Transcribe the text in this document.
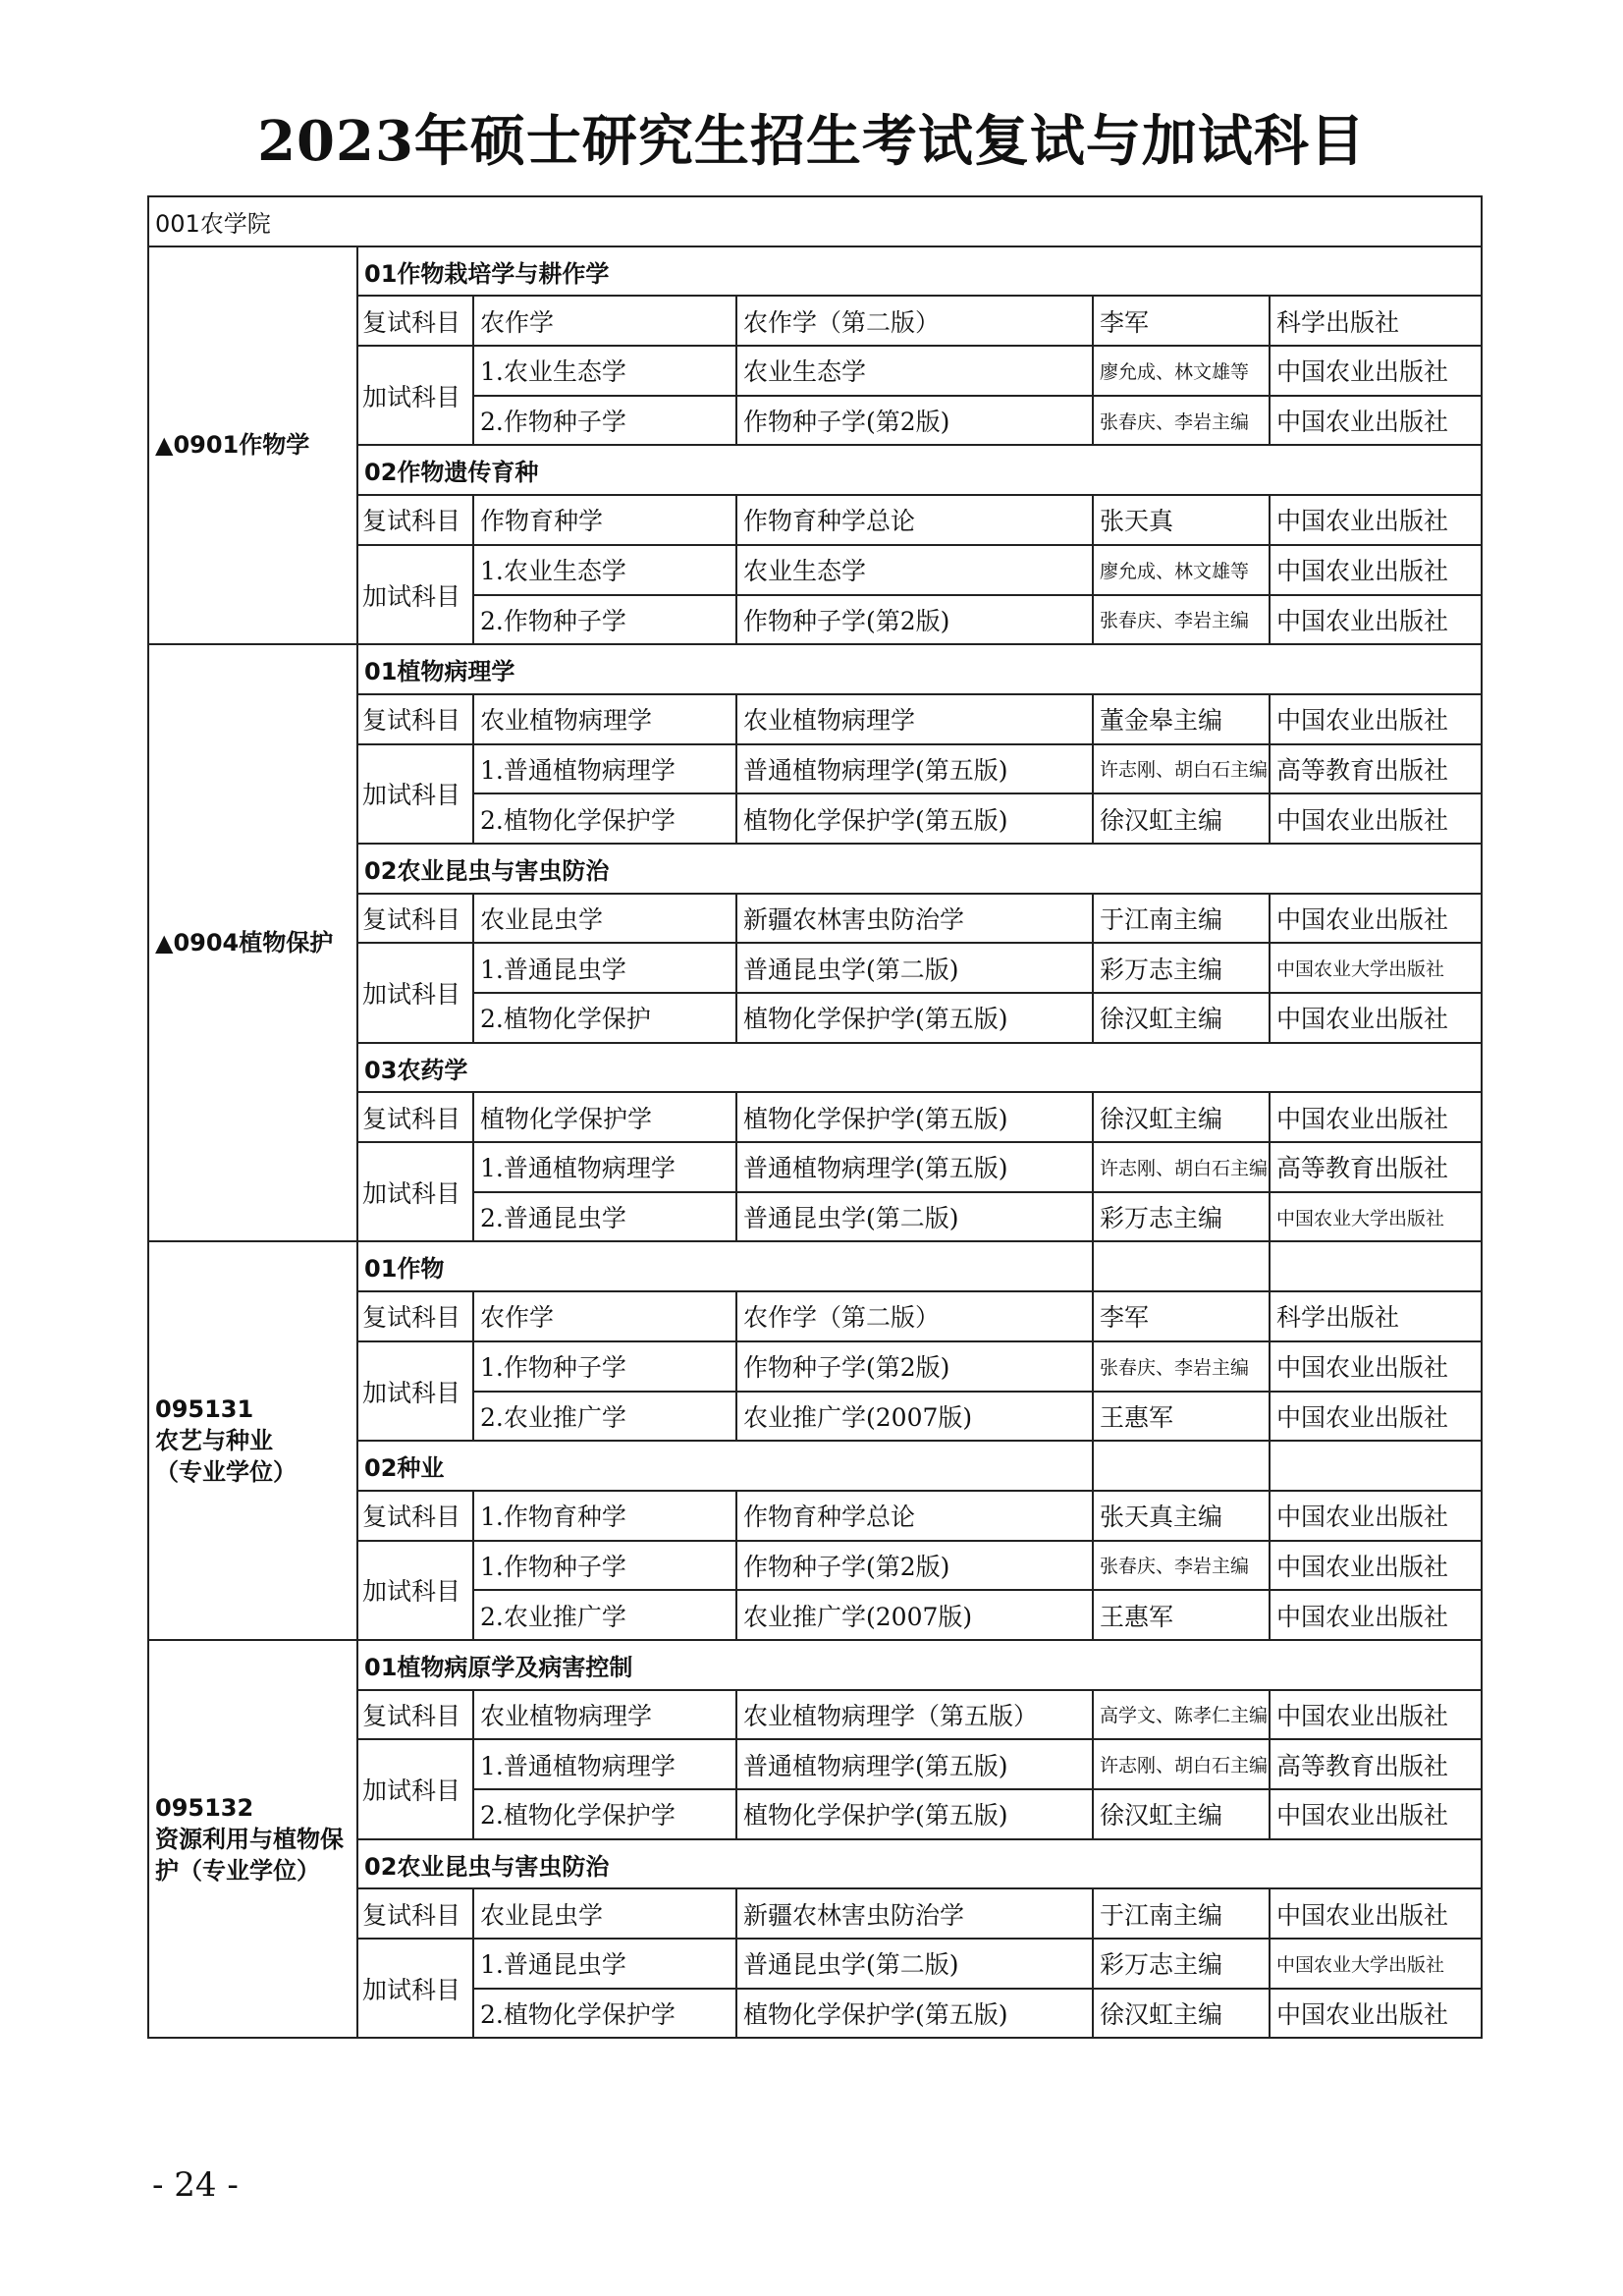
2023年硕士研究生招生考试复试与加试科目
001农学院					
▲0901作物学	01作物栽培学与耕作学				
	复试科目	农作学	农作学（第二版）	李军	科学出版社
	加试科目	1.农业生态学	农业生态学	廖允成、林文雄等	中国农业出版社
		2.作物种子学	作物种子学(第2版)	张春庆、李岩主编	中国农业出版社
	02作物遗传育种				
	复试科目	作物育种学	作物育种学总论	张天真	中国农业出版社
	加试科目	1.农业生态学	农业生态学	廖允成、林文雄等	中国农业出版社
		2.作物种子学	作物种子学(第2版)	张春庆、李岩主编	中国农业出版社
▲0904植物保护	01植物病理学				
	复试科目	农业植物病理学	农业植物病理学	董金皋主编	中国农业出版社
	加试科目	1.普通植物病理学	普通植物病理学(第五版)	许志刚、胡白石主编	高等教育出版社
		2.植物化学保护学	植物化学保护学(第五版)	徐汉虹主编	中国农业出版社
	02农业昆虫与害虫防治				
	复试科目	农业昆虫学	新疆农林害虫防治学	于江南主编	中国农业出版社
	加试科目	1.普通昆虫学	普通昆虫学(第二版)	彩万志主编	中国农业大学出版社
		2.植物化学保护	植物化学保护学(第五版)	徐汉虹主编	中国农业出版社
	03农药学				
	复试科目	植物化学保护学	植物化学保护学(第五版)	徐汉虹主编	中国农业出版社
	加试科目	1.普通植物病理学	普通植物病理学(第五版)	许志刚、胡白石主编	高等教育出版社
		2.普通昆虫学	普通昆虫学(第二版)	彩万志主编	中国农业大学出版社
095131
农艺与种业
（专业学位）	01作物				
	复试科目	农作学	农作学（第二版）	李军	科学出版社
	加试科目	1.作物种子学	作物种子学(第2版)	张春庆、李岩主编	中国农业出版社
		2.农业推广学	农业推广学(2007版)	王惠军	中国农业出版社
	02种业				
	复试科目	1.作物育种学	作物育种学总论	张天真主编	中国农业出版社
	加试科目	1.作物种子学	作物种子学(第2版)	张春庆、李岩主编	中国农业出版社
		2.农业推广学	农业推广学(2007版)	王惠军	中国农业出版社
095132
资源利用与植物保护（专业学位）	01植物病原学及病害控制				
	复试科目	农业植物病理学	农业植物病理学（第五版）	高学文、陈孝仁主编	中国农业出版社
	加试科目	1.普通植物病理学	普通植物病理学(第五版)	许志刚、胡白石主编	高等教育出版社
		2.植物化学保护学	植物化学保护学(第五版)	徐汉虹主编	中国农业出版社
	02农业昆虫与害虫防治				
	复试科目	农业昆虫学	新疆农林害虫防治学	于江南主编	中国农业出版社
	加试科目	1.普通昆虫学	普通昆虫学(第二版)	彩万志主编	中国农业大学出版社
		2.植物化学保护学	植物化学保护学(第五版)	徐汉虹主编	中国农业出版社
- 24 -
